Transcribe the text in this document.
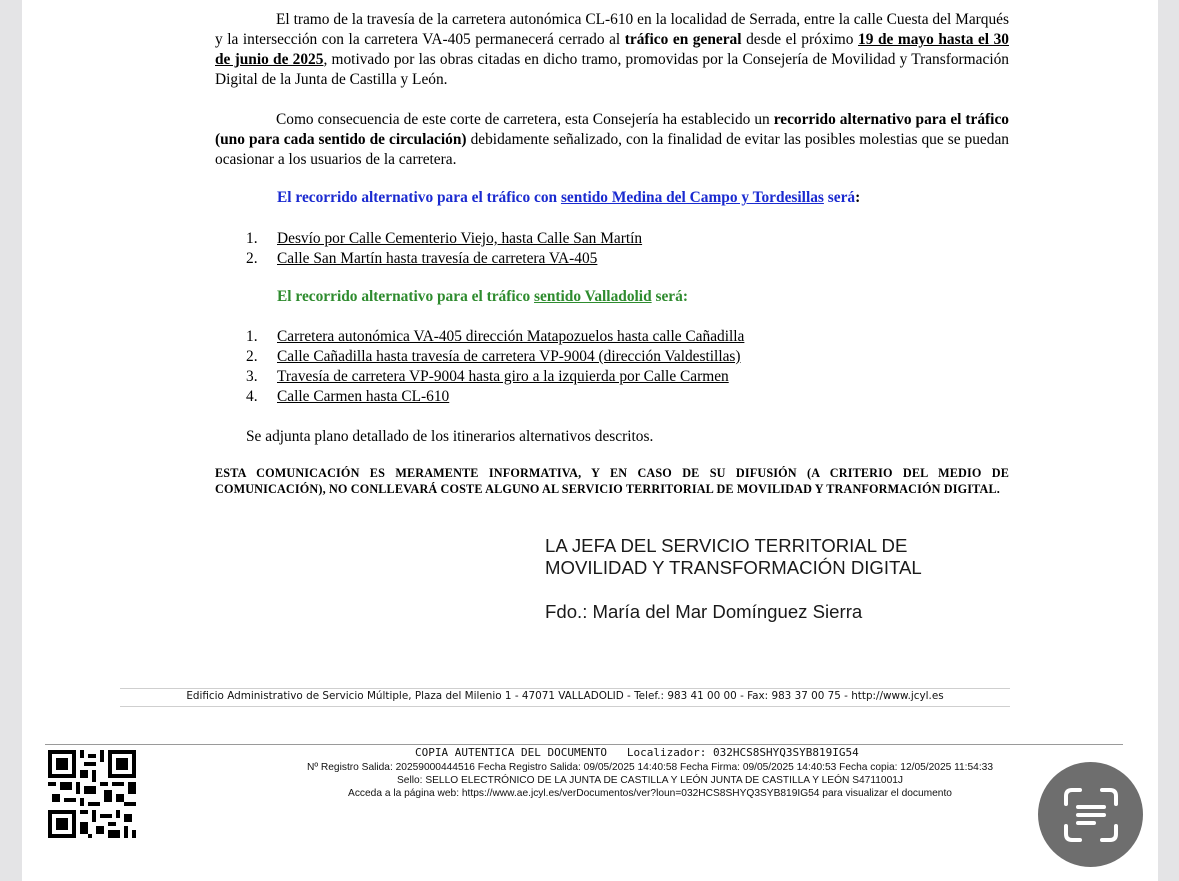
El tramo de la travesía de la carretera autonómica CL-610 en la localidad de Serrada, entre la calle Cuesta del Marqués y la intersección con la carretera VA-405 permanecerá cerrado al tráfico en general desde el próximo 19 de mayo hasta el 30 de junio de 2025, motivado por las obras citadas en dicho tramo, promovidas por la Consejería de Movilidad y Transformación Digital de la Junta de Castilla y León.
Como consecuencia de este corte de carretera, esta Consejería ha establecido un recorrido alternativo para el tráfico (uno para cada sentido de circulación) debidamente señalizado, con la finalidad de evitar las posibles molestias que se puedan ocasionar a los usuarios de la carretera.
El recorrido alternativo para el tráfico con sentido Medina del Campo y Tordesillas será:
1.	Desvío por Calle Cementerio Viejo, hasta Calle San Martín
2.	Calle San Martín hasta travesía de carretera VA-405
El recorrido alternativo para el tráfico sentido Valladolid será:
1.	Carretera autonómica VA-405 dirección Matapozuelos hasta calle Cañadilla
2.	Calle Cañadilla hasta travesía de carretera VP-9004 (dirección Valdestillas)
3.	Travesía de carretera VP-9004 hasta giro a la izquierda por Calle Carmen
4.	Calle Carmen hasta CL-610
Se adjunta plano detallado de los itinerarios alternativos descritos.
ESTA COMUNICACIÓN ES MERAMENTE INFORMATIVA, Y EN CASO DE SU DIFUSIÓN (A CRITERIO DEL MEDIO DE COMUNICACIÓN), NO CONLLEVARÁ COSTE ALGUNO AL SERVICIO TERRITORIAL DE MOVILIDAD Y TRANFORMACIÓN DIGITAL.
LA JEFA DEL SERVICIO TERRITORIAL DE
MOVILIDAD Y TRANSFORMACIÓN DIGITAL
Fdo.: María del Mar Domínguez Sierra
Edificio Administrativo de Servicio Múltiple, Plaza del Milenio 1 - 47071 VALLADOLID - Telef.: 983 41 00 00 - Fax: 983 37 00 75 - http://www.jcyl.es
COPIA AUTENTICA DEL DOCUMENTO   Localizador: 032HCS8SHYQ3SYB819IG54
Nº Registro Salida: 20259000444516 Fecha Registro Salida: 09/05/2025 14:40:58 Fecha Firma: 09/05/2025 14:40:53 Fecha copia: 12/05/2025 11:54:33
Sello: SELLO ELECTRÓNICO DE LA JUNTA DE CASTILLA Y LEÓN JUNTA DE CASTILLA Y LEÓN S4711001J
Acceda a la página web: https://www.ae.jcyl.es/verDocumentos/ver?loun=032HCS8SHYQ3SYB819IG54 para visualizar el documento
